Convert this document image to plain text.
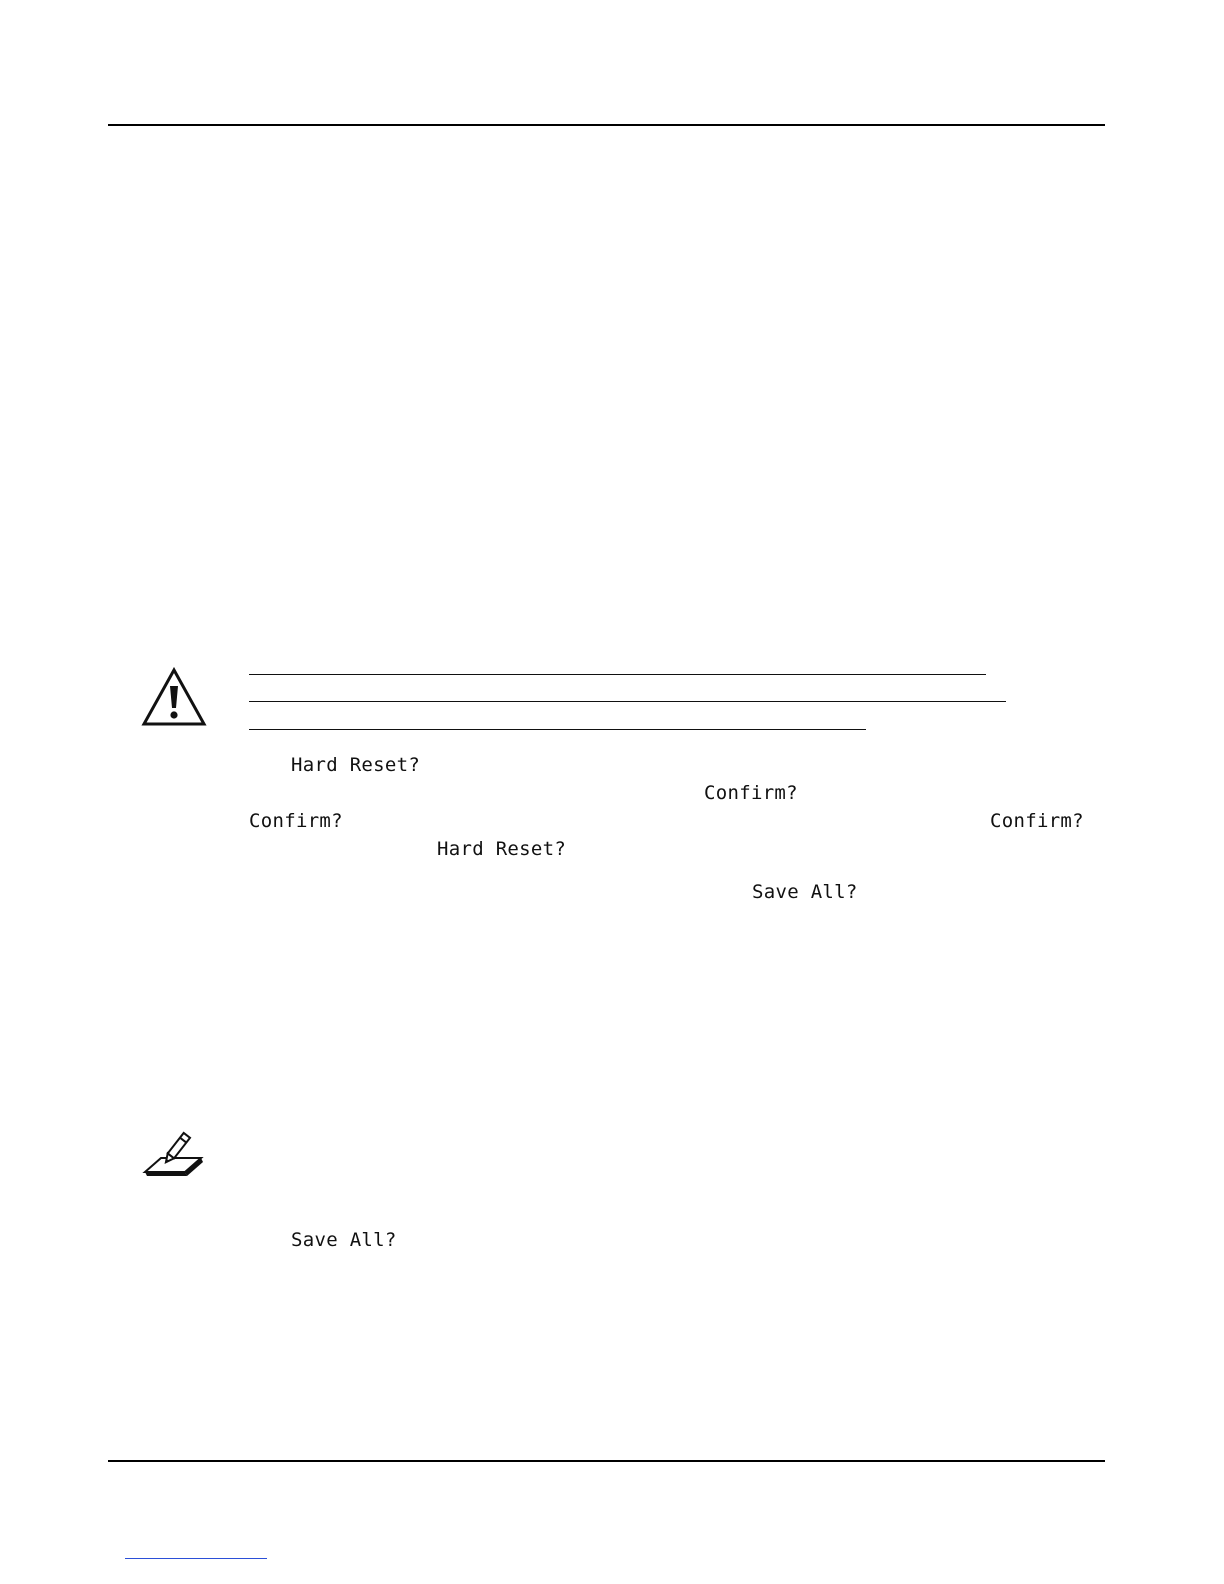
Hard Reset?
Confirm?
Confirm?	Confirm?
Hard Reset?
Save All?
Save All?
